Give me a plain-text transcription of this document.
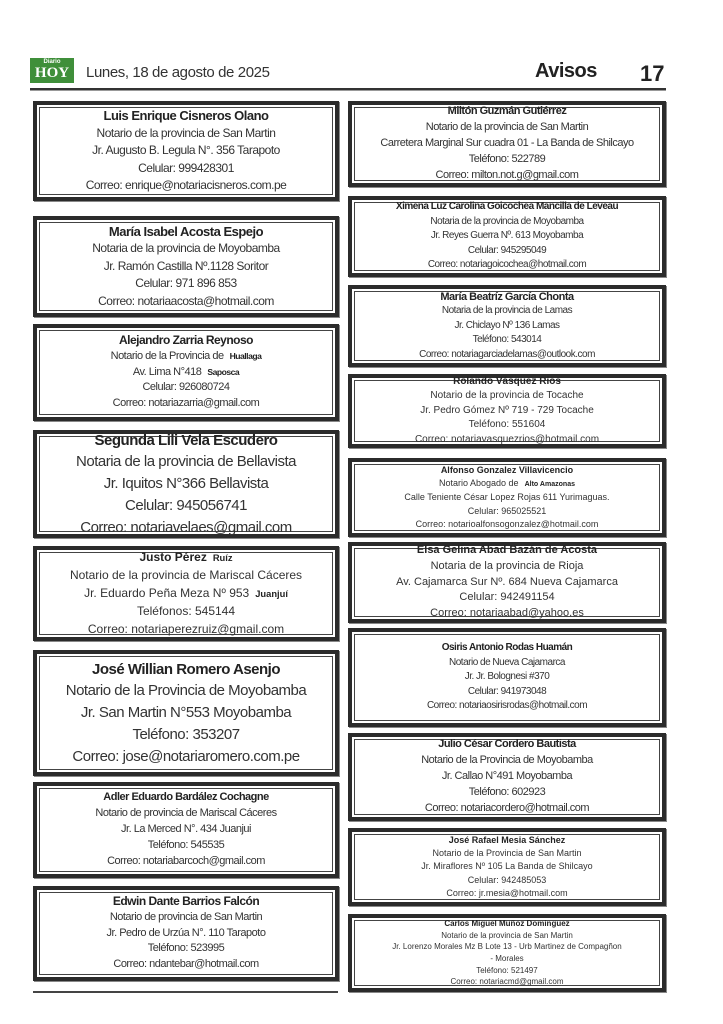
Diario
HOY	Lunes, 18 de agosto de 2025	Avisos 17
Luis Enrique Cisneros Olano
Notario de la provincia de San Martin
Jr. Augusto B. Legula N°. 356 Tarapoto
Celular: 999428301
Correo: enrique@notariacisneros.com.pe
María Isabel Acosta Espejo
Notaria de la provincia de Moyobamba
Jr. Ramón Castilla Nº.1128 Soritor
Celular: 971 896 853
Correo: notariaacosta@hotmail.com
Alejandro Zarria Reynoso
Notario de la Provincia de Huallaga
Av. Lima N°418 Saposca
Celular: 926080724
Correo: notariazarria@gmail.com
Segunda Lili Vela Escudero
Notaria de la provincia de Bellavista
Jr. Iquitos N°366 Bellavista
Celular: 945056741
Correo: notariavelaes@gmail.com
Justo Pérez Ruíz
Notario de la provincia de Mariscal Cáceres
Jr. Eduardo Peña Meza Nº 953 Juanjuí
Teléfonos: 545144
Correo: notariaperezruiz@gmail.com
José Willian Romero Asenjo
Notario de la Provincia de Moyobamba
Jr. San Martin N°553 Moyobamba
Teléfono: 353207
Correo: jose@notariaromero.com.pe
Adler Eduardo Bardález Cochagne
Notario de provincia de Mariscal Cáceres
Jr. La Merced N°. 434 Juanjui
Teléfono: 545535
Correo: notariabarcoch@gmail.com
Edwin Dante Barrios Falcón
Notario de provincia de San Martin
Jr. Pedro de Urzúa N°. 110 Tarapoto
Teléfono: 523995
Correo: ndantebar@hotmail.com
Miltón Guzmán Gutiérrez
Notario de la provincia de San Martin
Carretera Marginal Sur cuadra 01 - La Banda de Shilcayo
Teléfono: 522789
Correo: milton.not.g@gmail.com
Ximena Luz Carolina Goicochea Mancilla de Leveau
Notaria de la provincia de Moyobamba
Jr. Reyes Guerra Nº. 613 Moyobamba
Celular: 945295049
Correo: notariagoicochea@hotmail.com
María Beatríz García Chonta
Notaria de la provincia de Lamas
Jr. Chiclayo Nº 136 Lamas
Teléfono: 543014
Correo: notariagarciadelamas@outlook.com
Rolando Vásquez Rios
Notario de la provincia de Tocache
Jr. Pedro Gómez Nº 719 - 729 Tocache
Teléfono: 551604
Correo: notariavasquezrios@hotmail.com
Alfonso Gonzalez Villavicencio
Notario Abogado de Alto Amazonas
Calle Teniente César Lopez Rojas 611 Yurimaguas.
Celular: 965025521
Correo: notarioalfonsogonzalez@hotmail.com
Elsa Gelina Abad Bazán de Acosta
Notaria de la provincia de Rioja
Av. Cajamarca Sur Nº. 684 Nueva Cajamarca
Celular: 942491154
Correo: notariaabad@yahoo.es
Osiris Antonio Rodas Huamán
Notario de Nueva Cajamarca
Jr. Jr. Bolognesi #370
Celular: 941973048
Correo: notariaosirisrodas@hotmail.com
Julio César Cordero Bautista
Notario de la Provincia de Moyobamba
Jr. Callao N°491 Moyobamba
Teléfono: 602923
Correo: notariacordero@hotmail.com
José Rafael Mesia Sánchez
Notario de la Provincia de San Martin
Jr. Miraflores Nº 105 La Banda de Shilcayo
Celular: 942485053
Correo: jr.mesia@hotmail.com
Carlos Miguel Muñoz Dominguez
Notario de la provincia de San Martin
Jr. Lorenzo Morales Mz B Lote 13 - Urb Martinez de Compagñon
- Morales
Teléfono: 521497
Correo: notariacmd@gmail.com
